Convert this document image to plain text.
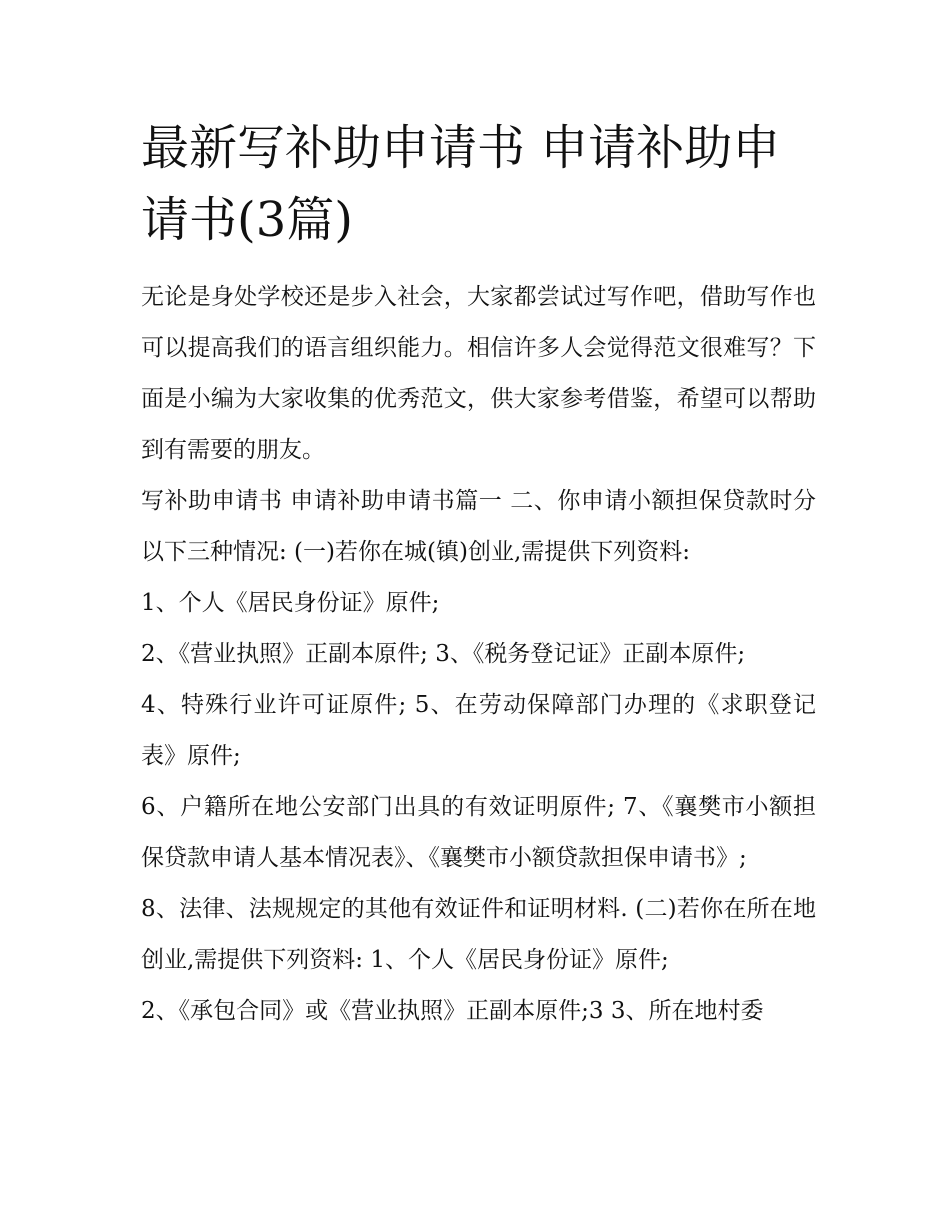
最新写补助申请书 申请补助申请书(3篇)

无论是身处学校还是步入社会，大家都尝试过写作吧，借助写作也可以提高我们的语言组织能力。相信许多人会觉得范文很难写？下面是小编为大家收集的优秀范文，供大家参考借鉴，希望可以帮助到有需要的朋友。

写补助申请书 申请补助申请书篇一 二、你申请小额担保贷款时分以下三种情况: (一)若你在城(镇)创业,需提供下列资料:

1、个人《居民身份证》原件;

2、《营业执照》正副本原件; 3、《税务登记证》正副本原件;

4、特殊行业许可证原件; 5、在劳动保障部门办理的《求职登记表》原件;

6、户籍所在地公安部门出具的有效证明原件; 7、《襄樊市小额担保贷款申请人基本情况表》、《襄樊市小额贷款担保申请书》;

8、法律、法规规定的其他有效证件和证明材料. (二)若你在所在地创业,需提供下列资料: 1、个人《居民身份证》原件;

2、《承包合同》或《营业执照》正副本原件;3 3、所在地村委
